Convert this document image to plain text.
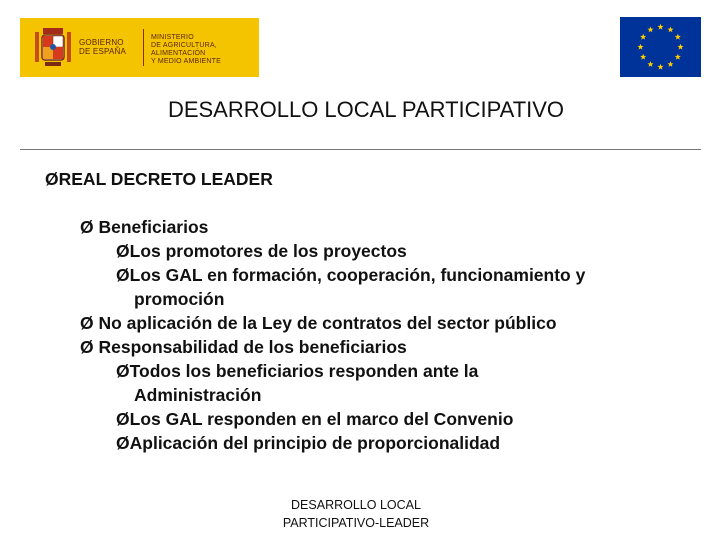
GOBIERNO
DE ESPAÑA
MINISTERIO
DE AGRICULTURA, ALIMENTACIÓN
Y MEDIO AMBIENTE
DESARROLLO LOCAL PARTICIPATIVO
ØREAL DECRETO LEADER
Ø Beneficiarios
ØLos promotores de los proyectos
ØLos GAL en formación, cooperación, funcionamiento y
promoción
Ø No aplicación de la Ley de contratos del sector público
Ø Responsabilidad de los beneficiarios
ØTodos los beneficiarios responden ante la
Administración
ØLos GAL responden en el marco del Convenio
ØAplicación del principio de proporcionalidad
DESARROLLO LOCAL
PARTICIPATIVO-LEADER
